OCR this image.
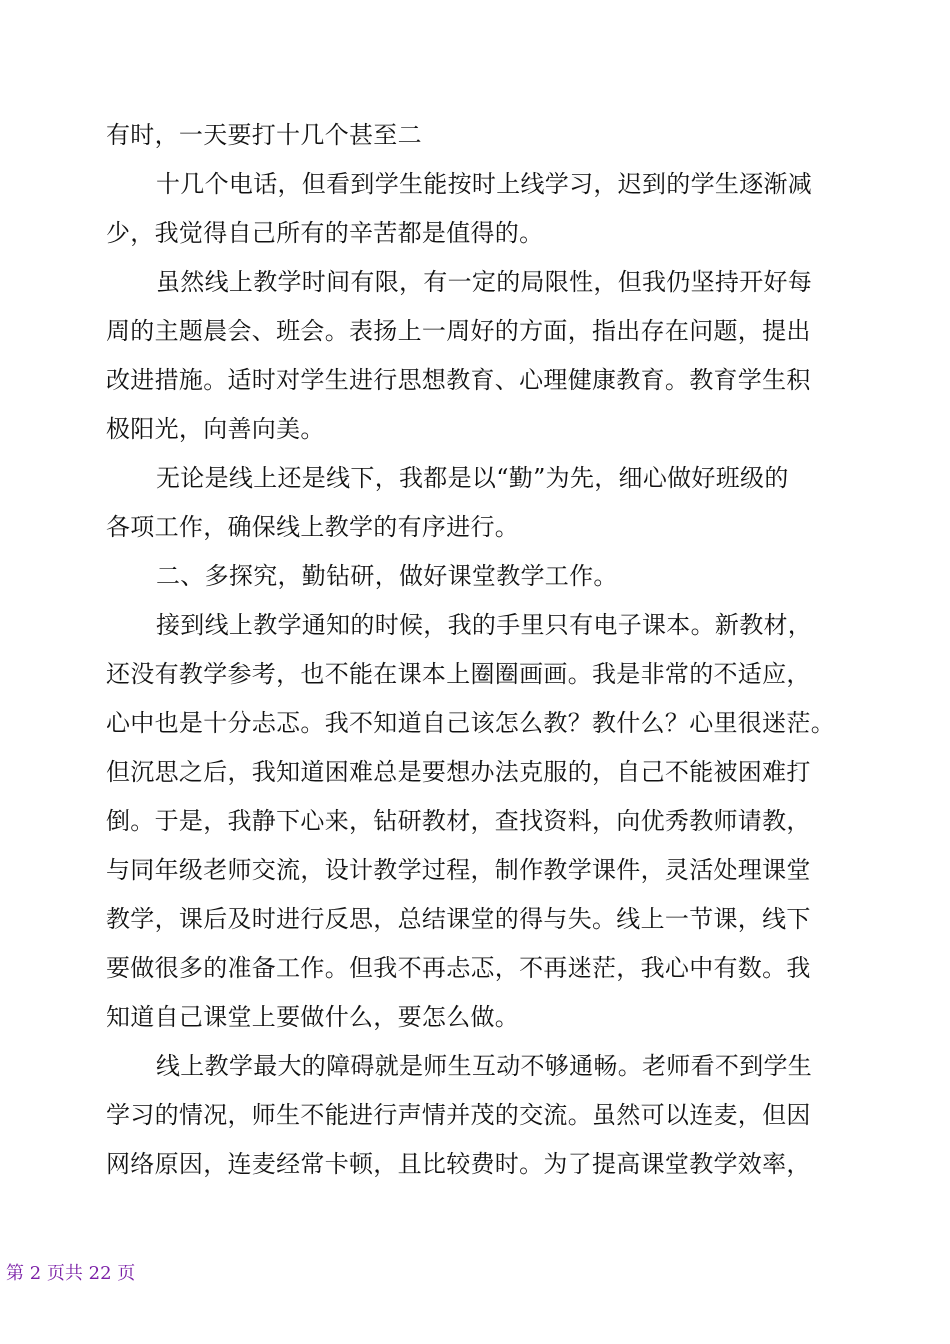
有时，一天要打十几个甚至二
十几个电话，但看到学生能按时上线学习，迟到的学生逐渐减
少，我觉得自己所有的辛苦都是值得的。
虽然线上教学时间有限，有一定的局限性，但我仍坚持开好每
周的主题晨会、班会。表扬上一周好的方面，指出存在问题，提出
改进措施。适时对学生进行思想教育、心理健康教育。教育学生积
极阳光，向善向美。
无论是线上还是线下，我都是以“勤”为先，细心做好班级的
各项工作，确保线上教学的有序进行。
二、多探究，勤钻研，做好课堂教学工作。
接到线上教学通知的时候，我的手里只有电子课本。新教材，
还没有教学参考，也不能在课本上圈圈画画。我是非常的不适应，
心中也是十分忐忑。我不知道自己该怎么教？教什么？心里很迷茫。
但沉思之后，我知道困难总是要想办法克服的，自己不能被困难打
倒。于是，我静下心来，钻研教材，查找资料，向优秀教师请教，
与同年级老师交流，设计教学过程，制作教学课件，灵活处理课堂
教学，课后及时进行反思，总结课堂的得与失。线上一节课，线下
要做很多的准备工作。但我不再忐忑，不再迷茫，我心中有数。我
知道自己课堂上要做什么，要怎么做。
线上教学最大的障碍就是师生互动不够通畅。老师看不到学生
学习的情况，师生不能进行声情并茂的交流。虽然可以连麦，但因
网络原因，连麦经常卡顿，且比较费时。为了提高课堂教学效率，
第 2 页共 22 页
